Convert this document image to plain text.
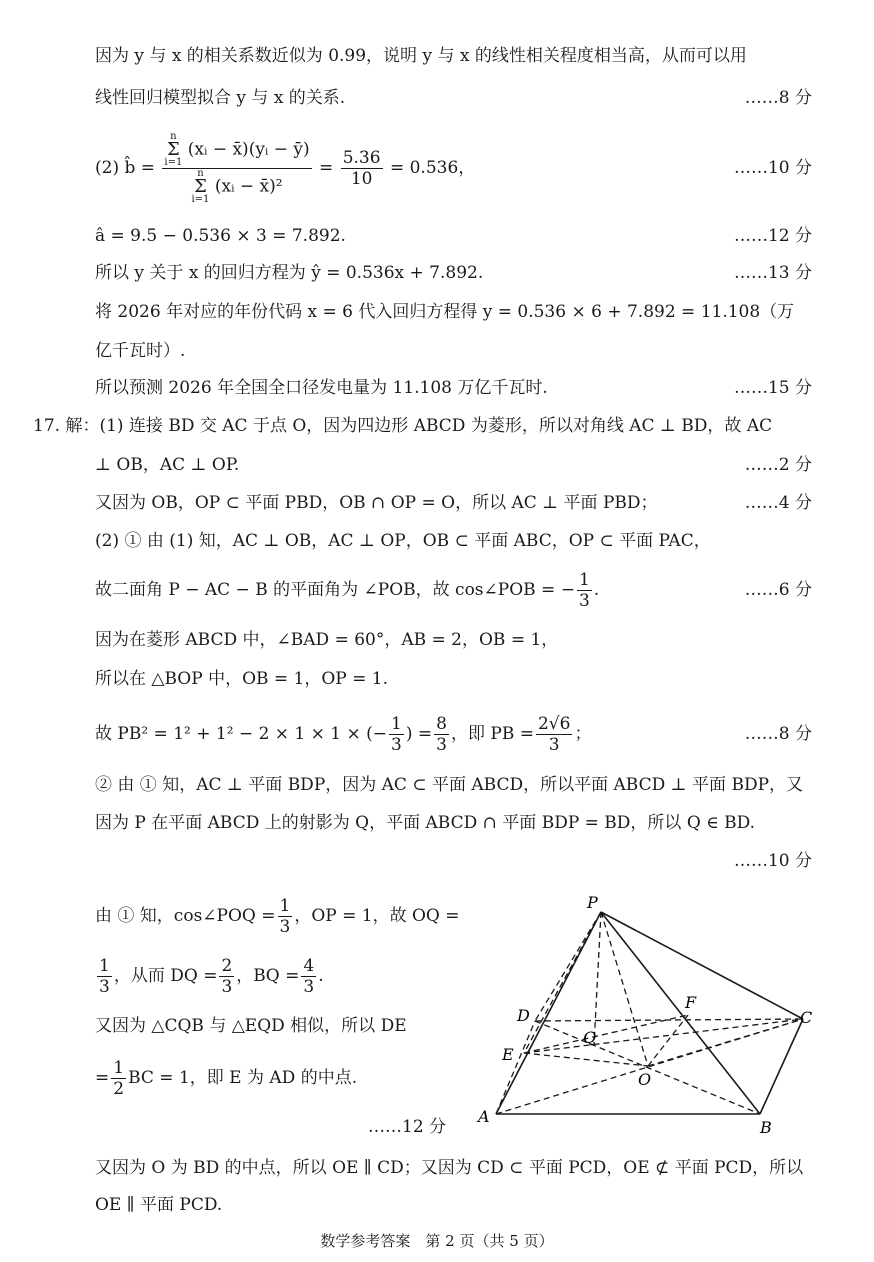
因为 y 与 x 的相关系数近似为 0.99，说明 y 与 x 的线性相关程度相当高，从而可以用
线性回归模型拟合 y 与 x 的关系.	……8 分
(2) b̂ = n
Σ
i=1
(xᵢ − x̄)(yᵢ − ȳ)
n
Σ
i=1
(xᵢ − x̄)² = $\frac{5.36}{10} = 0.536$，	……10 分
â = 9.5 − 0.536 × 3 = 7.892.	……12 分
所以 y 关于 x 的回归方程为 ŷ = 0.536x + 7.892.	……13 分
将 2026 年对应的年份代码 x = 6 代入回归方程得 y = 0.536 × 6 + 7.892 = 11.108（万
亿千瓦时）.
所以预测 2026 年全国全口径发电量为 11.108 万亿千瓦时.	……15 分
17. 解：(1) 连接 BD 交 AC 于点 O，因为四边形 ABCD 为菱形，所以对角线 AC ⊥ BD，故 AC
⊥ OB，AC ⊥ OP.	……2 分
又因为 OB，OP ⊂ 平面 PBD，OB ∩ OP = O，所以 AC ⊥ 平面 PBD；	……4 分
(2) ① 由 (1) 知，AC ⊥ OB，AC ⊥ OP，OB ⊂ 平面 ABC，OP ⊂ 平面 PAC，
故二面角 P − AC − B 的平面角为 ∠POB，故 cos∠POB = − $\frac{1}{3}$ .	……6 分
因为在菱形 ABCD 中，∠BAD = 60°，AB = 2，OB = 1，
所以在 △BOP 中，OB = 1，OP = 1.
故 PB² = 1² + 1² − 2 × 1 × 1 × (− $\frac{1}{3}$ ) = $\frac{8}{3}$ ，即 PB = $\frac{2√6}{3}$ ；	……8 分
② 由 ① 知，AC ⊥ 平面 BDP，因为 AC ⊂ 平面 ABCD，所以平面 ABCD ⊥ 平面 BDP，又
因为 P 在平面 ABCD 上的射影为 Q，平面 ABCD ∩ 平面 BDP = BD，所以 Q ∈ BD.
……10 分
由 ① 知，cos∠POQ = $\frac{1}{3}$ ，OP = 1，故 OQ =
$\frac{1}{3}$ ，从而 DQ = $\frac{2}{3}$ ，BQ = $\frac{4}{3}$ .
又因为 △CQB 与 △EQD 相似，所以 DE
= $\frac{1}{2}$ BC = 1，即 E 为 AD 的中点.
……12 分
又因为 O 为 BD 的中点，所以 OE ∥ CD；又因为 CD ⊂ 平面 PCD，OE ⊄ 平面 PCD，所以
OE ∥ 平面 PCD.
P
D
Q
F
C
E
O
A
B
数学参考答案　第 2 页（共 5 页）
